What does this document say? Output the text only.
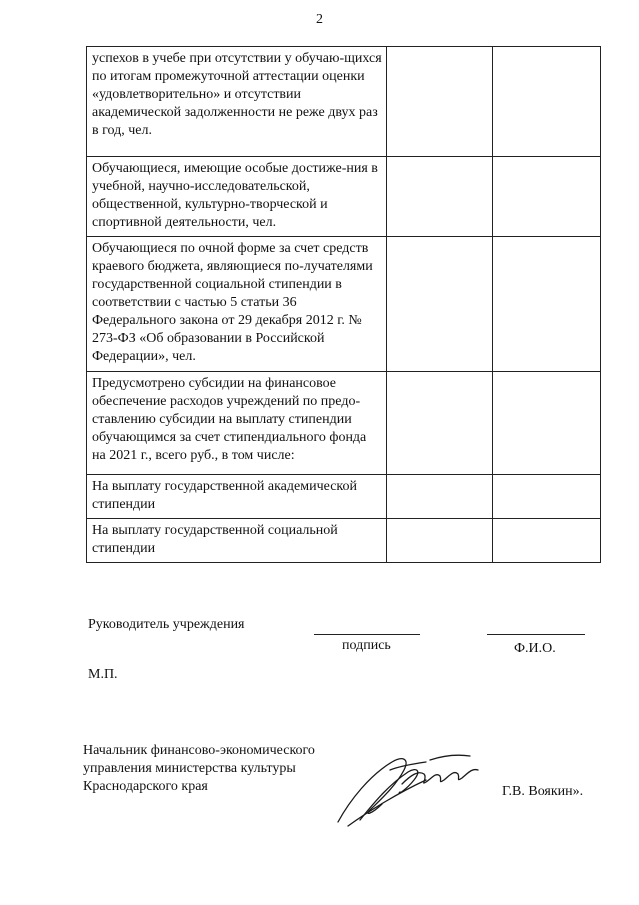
2
успехов в учебе при отсутствии у обучаю-щихся по итогам промежуточной аттестации оценки «удовлетворительно» и отсутствии академической задолженности не реже двух раз в год, чел.		
Обучающиеся, имеющие особые достиже-ния в учебной, научно-исследовательской, общественной, культурно-творческой и спортивной деятельности, чел.		
Обучающиеся по очной форме за счет средств краевого бюджета, являющиеся по-лучателями государственной социальной стипендии в соответствии с частью 5 статьи 36 Федерального закона от 29 декабря 2012 г. № 273-ФЗ «Об образовании в Российской Федерации», чел.		
Предусмотрено субсидии на финансовое обеспечение расходов учреждений по предо-ставлению субсидии на выплату стипендии обучающимся за счет стипендиального фонда на 2021 г., всего руб., в том числе:		
На выплату государственной академической стипендии		
На выплату государственной социальной стипендии		
Руководитель учреждения
подпись	Ф.И.О.
М.П.
Начальник финансово-экономического
управления министерства культуры
Краснодарского края	Г.В. Воякин».
